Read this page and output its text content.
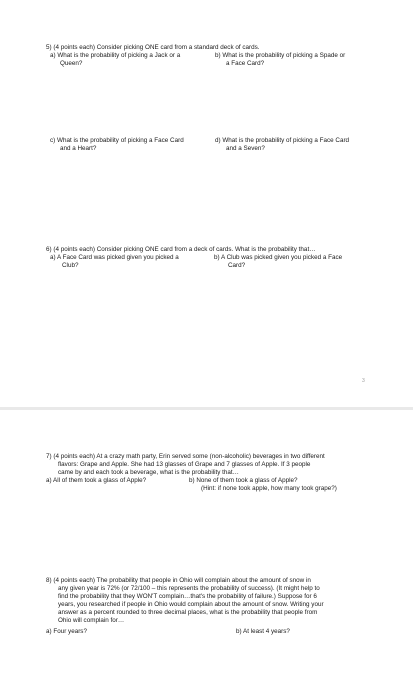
5) (4 points each) Consider picking ONE card from a standard deck of cards.

a) What is the probability of picking a Jack or a

Queen?

b) What is the probability of picking a Spade or

a Face Card?

c) What is the probability of picking a Face Card

and a Heart?

d) What is the probability of picking a Face Card

and a Seven?

6) (4 points each) Consider picking ONE card from a deck of cards. What is the probability that…

a) A Face Card was picked given you picked a

Club?

b) A Club was picked given you picked a Face

Card?

3

7) (4 points each) At a crazy math party, Erin served some (non-alcoholic) beverages in two different

flavors: Grape and Apple. She had 13 glasses of Grape and 7 glasses of Apple. If 3 people

came by and each took a beverage, what is the probability that…

a) All of them took a glass of Apple?	b) None of them took a glass of Apple?

(Hint: if none took apple, how many took grape?)

8) (4 points each) The probability that people in Ohio will complain about the amount of snow in

any given year is 72% (or 72/100 – this represents the probability of success). (It might help to

find the probability that they WON'T complain…that's the probability of failure.) Suppose for 6

years, you researched if people in Ohio would complain about the amount of snow. Writing your

answer as a percent rounded to three decimal places, what is the probability that people from

Ohio will complain for…

a) Four years?	b) At least 4 years?
